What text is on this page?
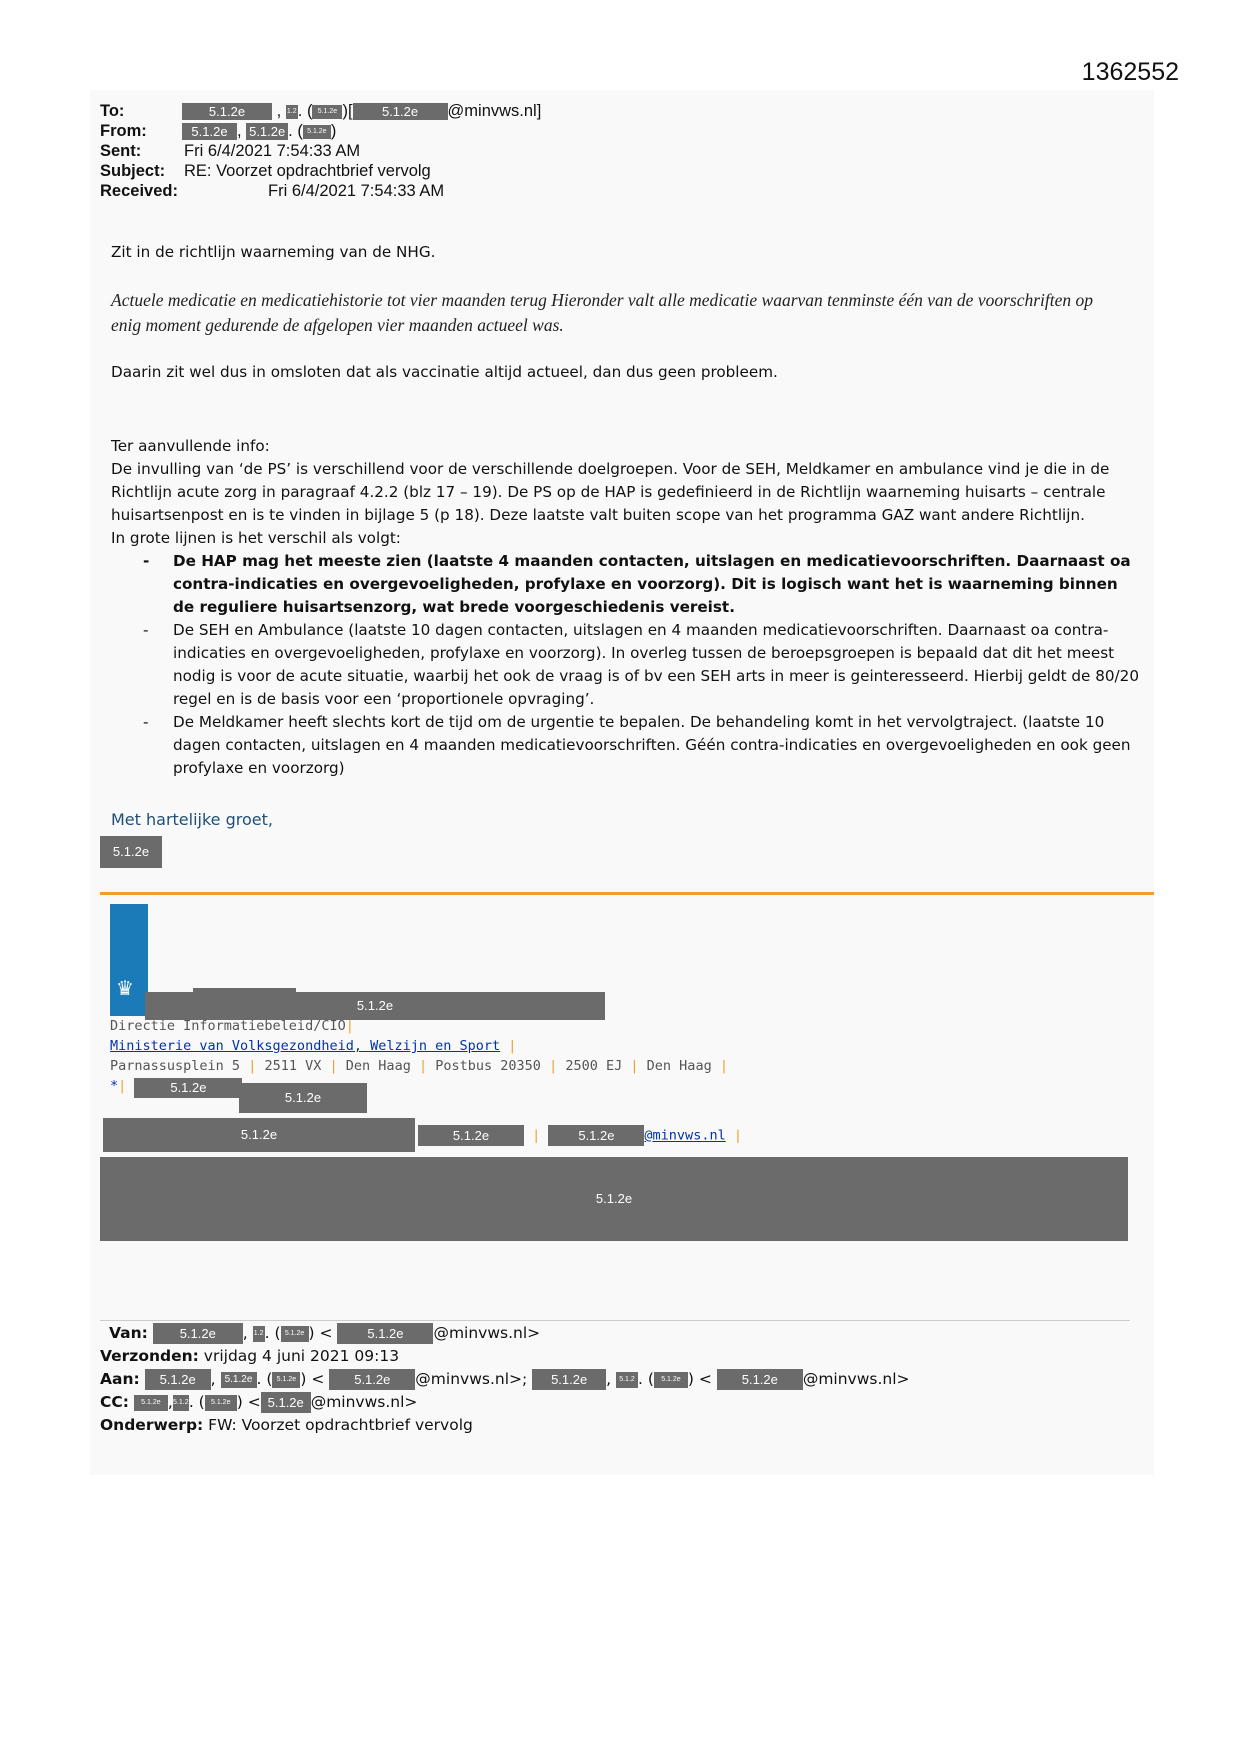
1362552
To:	5.1.2e , 1.2. ( 5.1.2e )[ 5.1.2e @minvws.nl]
From:	5.1.2e , 5.1.2e . ( 5.1.2e )
Sent:	Fri 6/4/2021 7:54:33 AM
Subject: RE: Voorzet opdrachtbrief vervolg
Received:	Fri 6/4/2021 7:54:33 AM
Zit in de richtlijn waarneming van de NHG.
Actuele medicatie en medicatiehistorie tot vier maanden terug Hieronder valt alle medicatie waarvan tenminste één van de voorschriften op enig moment gedurende de afgelopen vier maanden actueel was.
Daarin zit wel dus in omsloten dat als vaccinatie altijd actueel, dan dus geen probleem.
Ter aanvullende info:
De invulling van ‘de PS’ is verschillend voor de verschillende doelgroepen. Voor de SEH, Meldkamer en ambulance vind je die in de Richtlijn acute zorg in paragraaf 4.2.2 (blz 17 – 19). De PS op de HAP is gedefinieerd in de Richtlijn waarneming huisarts – centrale huisartsenpost en is te vinden in bijlage 5 (p 18). Deze laatste valt buiten scope van het programma GAZ want andere Richtlijn.
In grote lijnen is het verschil als volgt:
- De HAP mag het meeste zien (laatste 4 maanden contacten, uitslagen en medicatievoorschriften. Daarnaast oa contra-indicaties en overgevoeligheden, profylaxe en voorzorg). Dit is logisch want het is waarneming binnen de reguliere huisartsenzorg, wat brede voorgeschiedenis vereist.
- De SEH en Ambulance (laatste 10 dagen contacten, uitslagen en 4 maanden medicatievoorschriften. Daarnaast oa contra-indicaties en overgevoeligheden, profylaxe en voorzorg). In overleg tussen de beroepsgroepen is bepaald dat dit het meest nodig is voor de acute situatie, waarbij het ook de vraag is of bv een SEH arts in meer is geinteresseerd. Hierbij geldt de 80/20 regel en is de basis voor een ‘proportionele opvraging’.
- De Meldkamer heeft slechts kort de tijd om de urgentie te bepalen. De behandeling komt in het vervolgtraject. (laatste 10 dagen contacten, uitslagen en 4 maanden medicatievoorschriften. Géén contra-indicaties en overgevoeligheden en ook geen profylaxe en voorzorg)
Met hartelijke groet,
5.1.2e
♛
5.1.2e
Directie Informatiebeleid/CIO|
Ministerie van Volksgezondheid, Welzijn en Sport |
Parnassusplein 5 | 2511 VX | Den Haag | Postbus 20350 | 2500 EJ | Den Haag |
*|	5.1.2e
5.1.2e
5.1.2e	5.1.2e	|	5.1.2e @minvws.nl |
5.1.2e
Van: 5.1.2e , 1.2. ( 5.1.2e ) < 5.1.2e @minvws.nl>
Verzonden: vrijdag 4 juni 2021 09:13
Aan: 5.1.2e , 5.1.2e . ( 5.1.2e ) < 5.1.2e @minvws.nl>; 5.1.2e , 5.1.2 . ( 5.1.2e ) < 5.1.2e @minvws.nl>
CC: 5.1.2e ,5.1.2. ( 5.1.2e ) < 5.1.2e @minvws.nl>
Onderwerp: FW: Voorzet opdrachtbrief vervolg
